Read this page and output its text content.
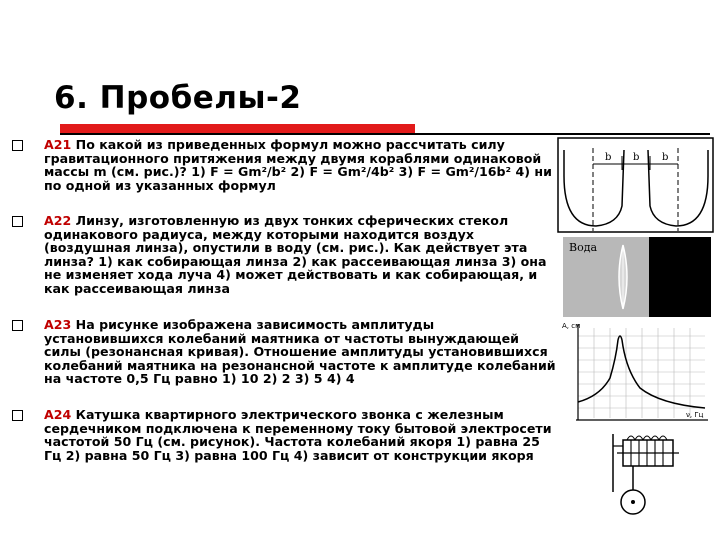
6. Пробелы-2
А21 По какой из приведенных формул можно рассчитать силу гравитационного притяжения между двумя кораблями одинаковой массы m (см. рис.)? 1) F = Gm²/b² 2) F = Gm²/4b² 3) F = Gm²/16b² 4) ни по одной из указанных формул
А22 Линзу, изготовленную из двух тонких сферических стекол одинакового радиуса, между которыми находится воздух (воздушная линза), опустили в воду (см. рис.). Как действует эта линза? 1) как собирающая линза 2) как рассеивающая линза 3) она не изменяет хода луча 4) может действовать и как собирающая, и как рассеивающая линза
А23 На рисунке изображена зависимость амплитуды установившихся колебаний маятника от частоты вынуждающей силы (резонансная кривая). Отношение амплитуды установившихся колебаний маятника на резонансной частоте к амплитуде колебаний на частоте 0,5 Гц равно 1) 10 2) 2 3) 5 4) 4
А24 Катушка квартирного электрического звонка с железным сердечником подключена к переменному току бытовой электросети частотой 50 Гц (см. рисунок). Частота колебаний якоря 1) равна 25 Гц 2) равна 50 Гц 3) равна 100 Гц 4) зависит от конструкции якоря
b b b
Вода
A, см
ν, Гц
